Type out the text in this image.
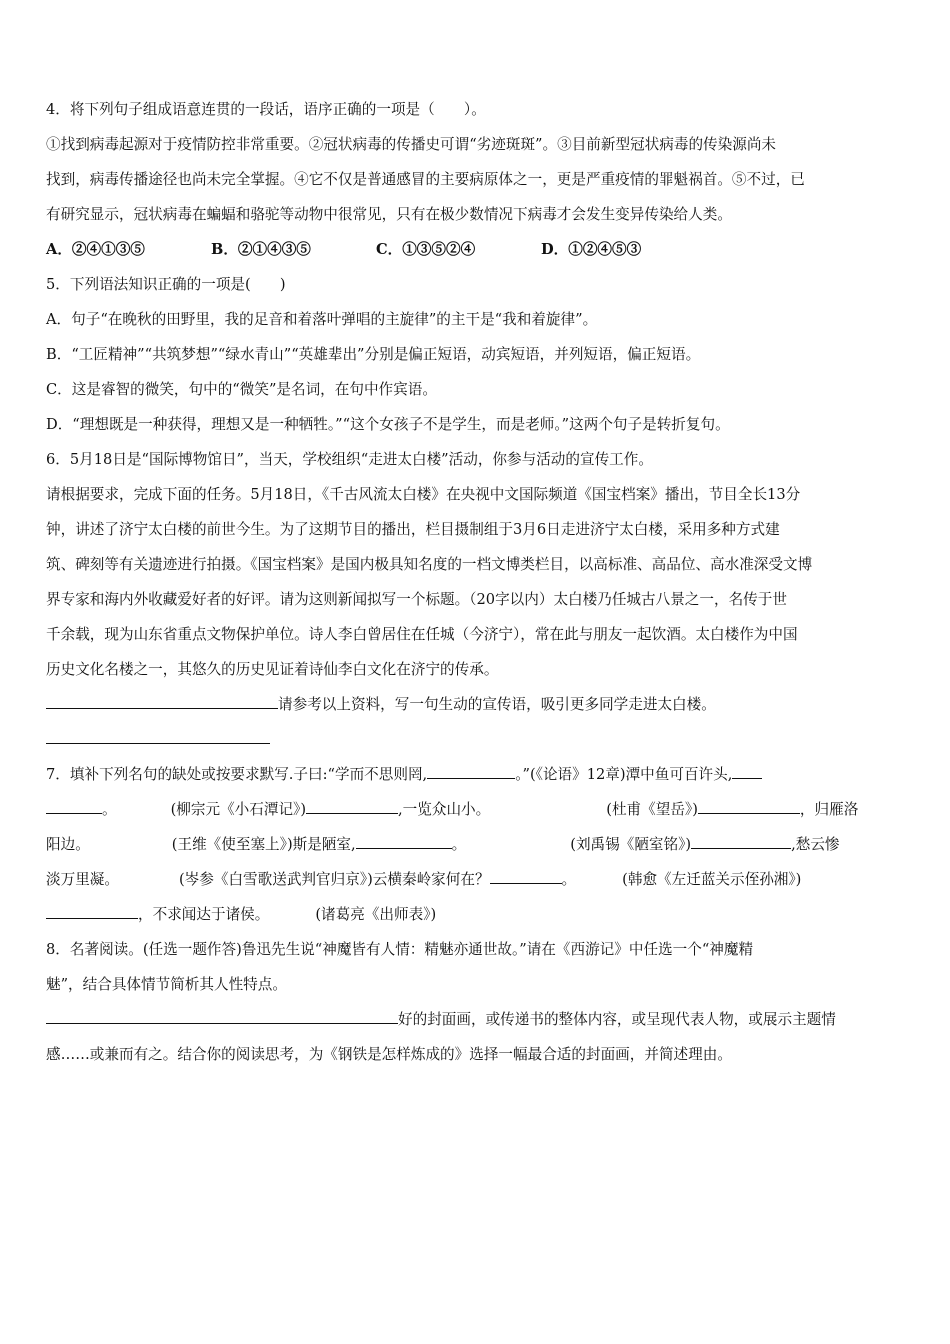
4．将下列句子组成语意连贯的一段话，语序正确的一项是（　　）。

①找到病毒起源对于疫情防控非常重要。②冠状病毒的传播史可谓“劣迹斑斑”。③目前新型冠状病毒的传染源尚未

找到，病毒传播途径也尚未完全掌握。④它不仅是普通感冒的主要病原体之一，更是严重疫情的罪魁祸首。⑤不过，已

有研究显示，冠状病毒在蝙蝠和骆驼等动物中很常见，只有在极少数情况下病毒才会发生变异传染给人类。

A．②④①③⑤	B．②①④③⑤	C．①③⑤②④	D．①②④⑤③

5．下列语法知识正确的一项是(　　)

A．句子“在晚秋的田野里，我的足音和着落叶弹唱的主旋律”的主干是“我和着旋律”。

B．“工匠精神”“共筑梦想”“绿水青山”“英雄辈出”分别是偏正短语，动宾短语，并列短语，偏正短语。

C．这是睿智的微笑，句中的“微笑”是名词，在句中作宾语。

D．“理想既是一种获得，理想又是一种牺牲。”“这个女孩子不是学生，而是老师。”这两个句子是转折复句。

6．5月18日是“国际博物馆日”，当天，学校组织“走进太白楼”活动，你参与活动的宣传工作。

请根据要求，完成下面的任务。5月18日，《千古风流太白楼》在央视中文国际频道《国宝档案》播出，节目全长13分

钟，讲述了济宁太白楼的前世今生。为了这期节目的播出，栏目摄制组于3月6日走进济宁太白楼，采用多种方式建

筑、碑刻等有关遗迹进行拍摄。《国宝档案》是国内极具知名度的一档文博类栏目，以高标准、高品位、高水准深受文博

界专家和海内外收藏爱好者的好评。请为这则新闻拟写一个标题。（20字以内）太白楼乃任城古八景之一，名传于世

千余载，现为山东省重点文物保护单位。诗人李白曾居住在任城（今济宁），常在此与朋友一起饮酒。太白楼作为中国

历史文化名楼之一，其悠久的历史见证着诗仙李白文化在济宁的传承。

请参考以上资料，写一句生动的宣传语，吸引更多同学走进太白楼。

7．填补下列名句的缺处或按要求默写.子曰:“学而不思则罔,	。”(《论语》12章)潭中鱼可百许头,

。	(柳宗元《小石潭记》)	,一览众山小。	(杜甫《望岳》)	，归雁洛

阳边。	(王维《使至塞上》)斯是陋室,	。	(刘禹锡《陋室铭》)	,愁云惨

淡万里凝。	(岑参《白雪歌送武判官归京》)云横秦岭家何在？	。	(韩愈《左迁蓝关示侄孙湘》)

，不求闻达于诸侯。	(诸葛亮《出师表》)

8．名著阅读。(任选一题作答)鲁迅先生说“神魔皆有人情：精魅亦通世故。”请在《西游记》中任选一个“神魔精

魅”，结合具体情节简析其人性特点。

好的封面画，或传递书的整体内容，或呈现代表人物，或展示主题情

感……或兼而有之。结合你的阅读思考，为《钢铁是怎样炼成的》选择一幅最合适的封面画，并简述理由。
